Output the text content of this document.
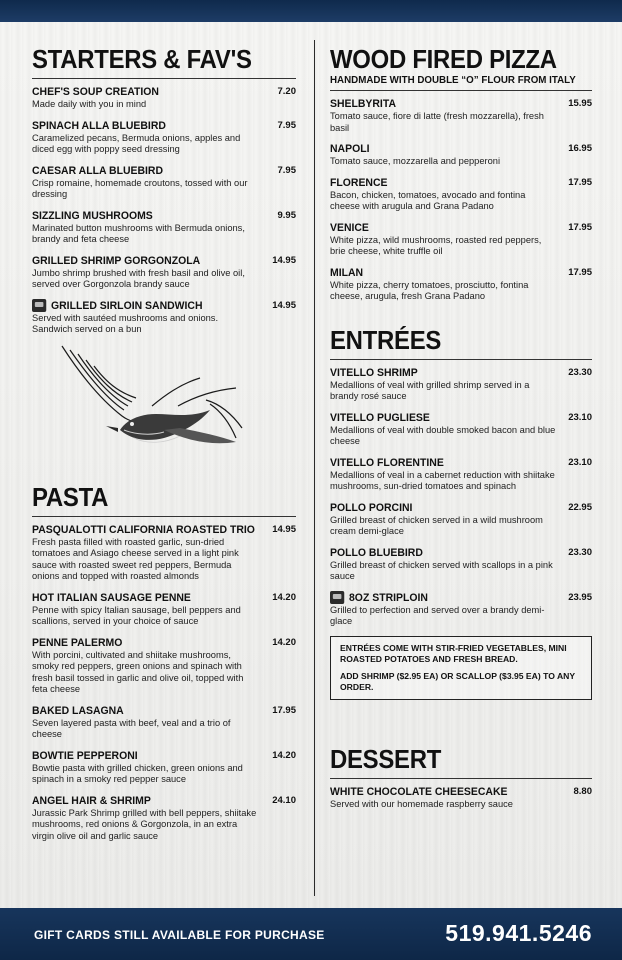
STARTERS & FAV'S
CHEF'S SOUP CREATION	7.20
Made daily with you in mind
SPINACH ALLA BLUEBIRD	7.95
Caramelized pecans, Bermuda onions, apples and diced egg with poppy seed dressing
CAESAR ALLA BLUEBIRD	7.95
Crisp romaine, homemade croutons, tossed with our dressing
SIZZLING MUSHROOMS	9.95
Marinated button mushrooms with Bermuda onions, brandy and feta cheese
GRILLED SHRIMP GORGONZOLA	14.95
Jumbo shrimp brushed with fresh basil and olive oil, served over Gorgonzola brandy sauce
GRILLED SIRLOIN SANDWICH	14.95
Served with sautéed mushrooms and onions. Sandwich served on a bun
PASTA
PASQUALOTTI CALIFORNIA ROASTED TRIO	14.95
Fresh pasta filled with roasted garlic, sun-dried tomatoes and Asiago cheese served in a light pink sauce with roasted sweet red peppers, Bermuda onions and topped with roasted almonds
HOT ITALIAN SAUSAGE PENNE	14.20
Penne with spicy Italian sausage, bell peppers and scallions, served in your choice of sauce
PENNE PALERMO	14.20
With porcini, cultivated and shiitake mushrooms, smoky red peppers, green onions and spinach with fresh basil tossed in garlic and olive oil, topped with feta cheese
BAKED LASAGNA	17.95
Seven layered pasta with beef, veal and a trio of cheese
BOWTIE PEPPERONI	14.20
Bowtie pasta with grilled chicken, green onions and spinach in a smoky red pepper sauce
ANGEL HAIR & SHRIMP	24.10
Jurassic Park Shrimp grilled with bell peppers, shiitake mushrooms, red onions & Gorgonzola, in an extra virgin olive oil and garlic sauce
WOOD FIRED PIZZA
HANDMADE WITH DOUBLE “O” FLOUR FROM ITALY
SHELBYRITA	15.95
Tomato sauce, fiore di latte (fresh mozzarella), fresh basil
NAPOLI	16.95
Tomato sauce, mozzarella and pepperoni
FLORENCE	17.95
Bacon, chicken, tomatoes, avocado and fontina cheese with arugula and Grana Padano
VENICE	17.95
White pizza, wild mushrooms, roasted red peppers, brie cheese, white truffle oil
MILAN	17.95
White pizza, cherry tomatoes, prosciutto, fontina cheese, arugula, fresh Grana Padano
ENTRÉES
VITELLO SHRIMP	23.30
Medallions of veal with grilled shrimp served in a brandy rosé sauce
VITELLO PUGLIESE	23.10
Medallions of veal with double smoked bacon and blue cheese
VITELLO FLORENTINE	23.10
Medallions of veal in a cabernet reduction with shiitake mushrooms, sun-dried tomatoes and spinach
POLLO PORCINI	22.95
Grilled breast of chicken served in a wild mushroom cream demi-glace
POLLO BLUEBIRD	23.30
Grilled breast of chicken served with scallops in a pink sauce
8OZ STRIPLOIN	23.95
Grilled to perfection and served over a brandy demi-glace

ENTRÉES COME WITH STIR-FRIED VEGETABLES, MINI ROASTED POTATOES AND FRESH BREAD.

ADD SHRIMP ($2.95 EA) OR SCALLOP ($3.95 EA) TO ANY ORDER.

DESSERT
WHITE CHOCOLATE CHEESECAKE	8.80
Served with our homemade raspberry sauce
GIFT CARDS STILL AVAILABLE FOR PURCHASE	519.941.5246
